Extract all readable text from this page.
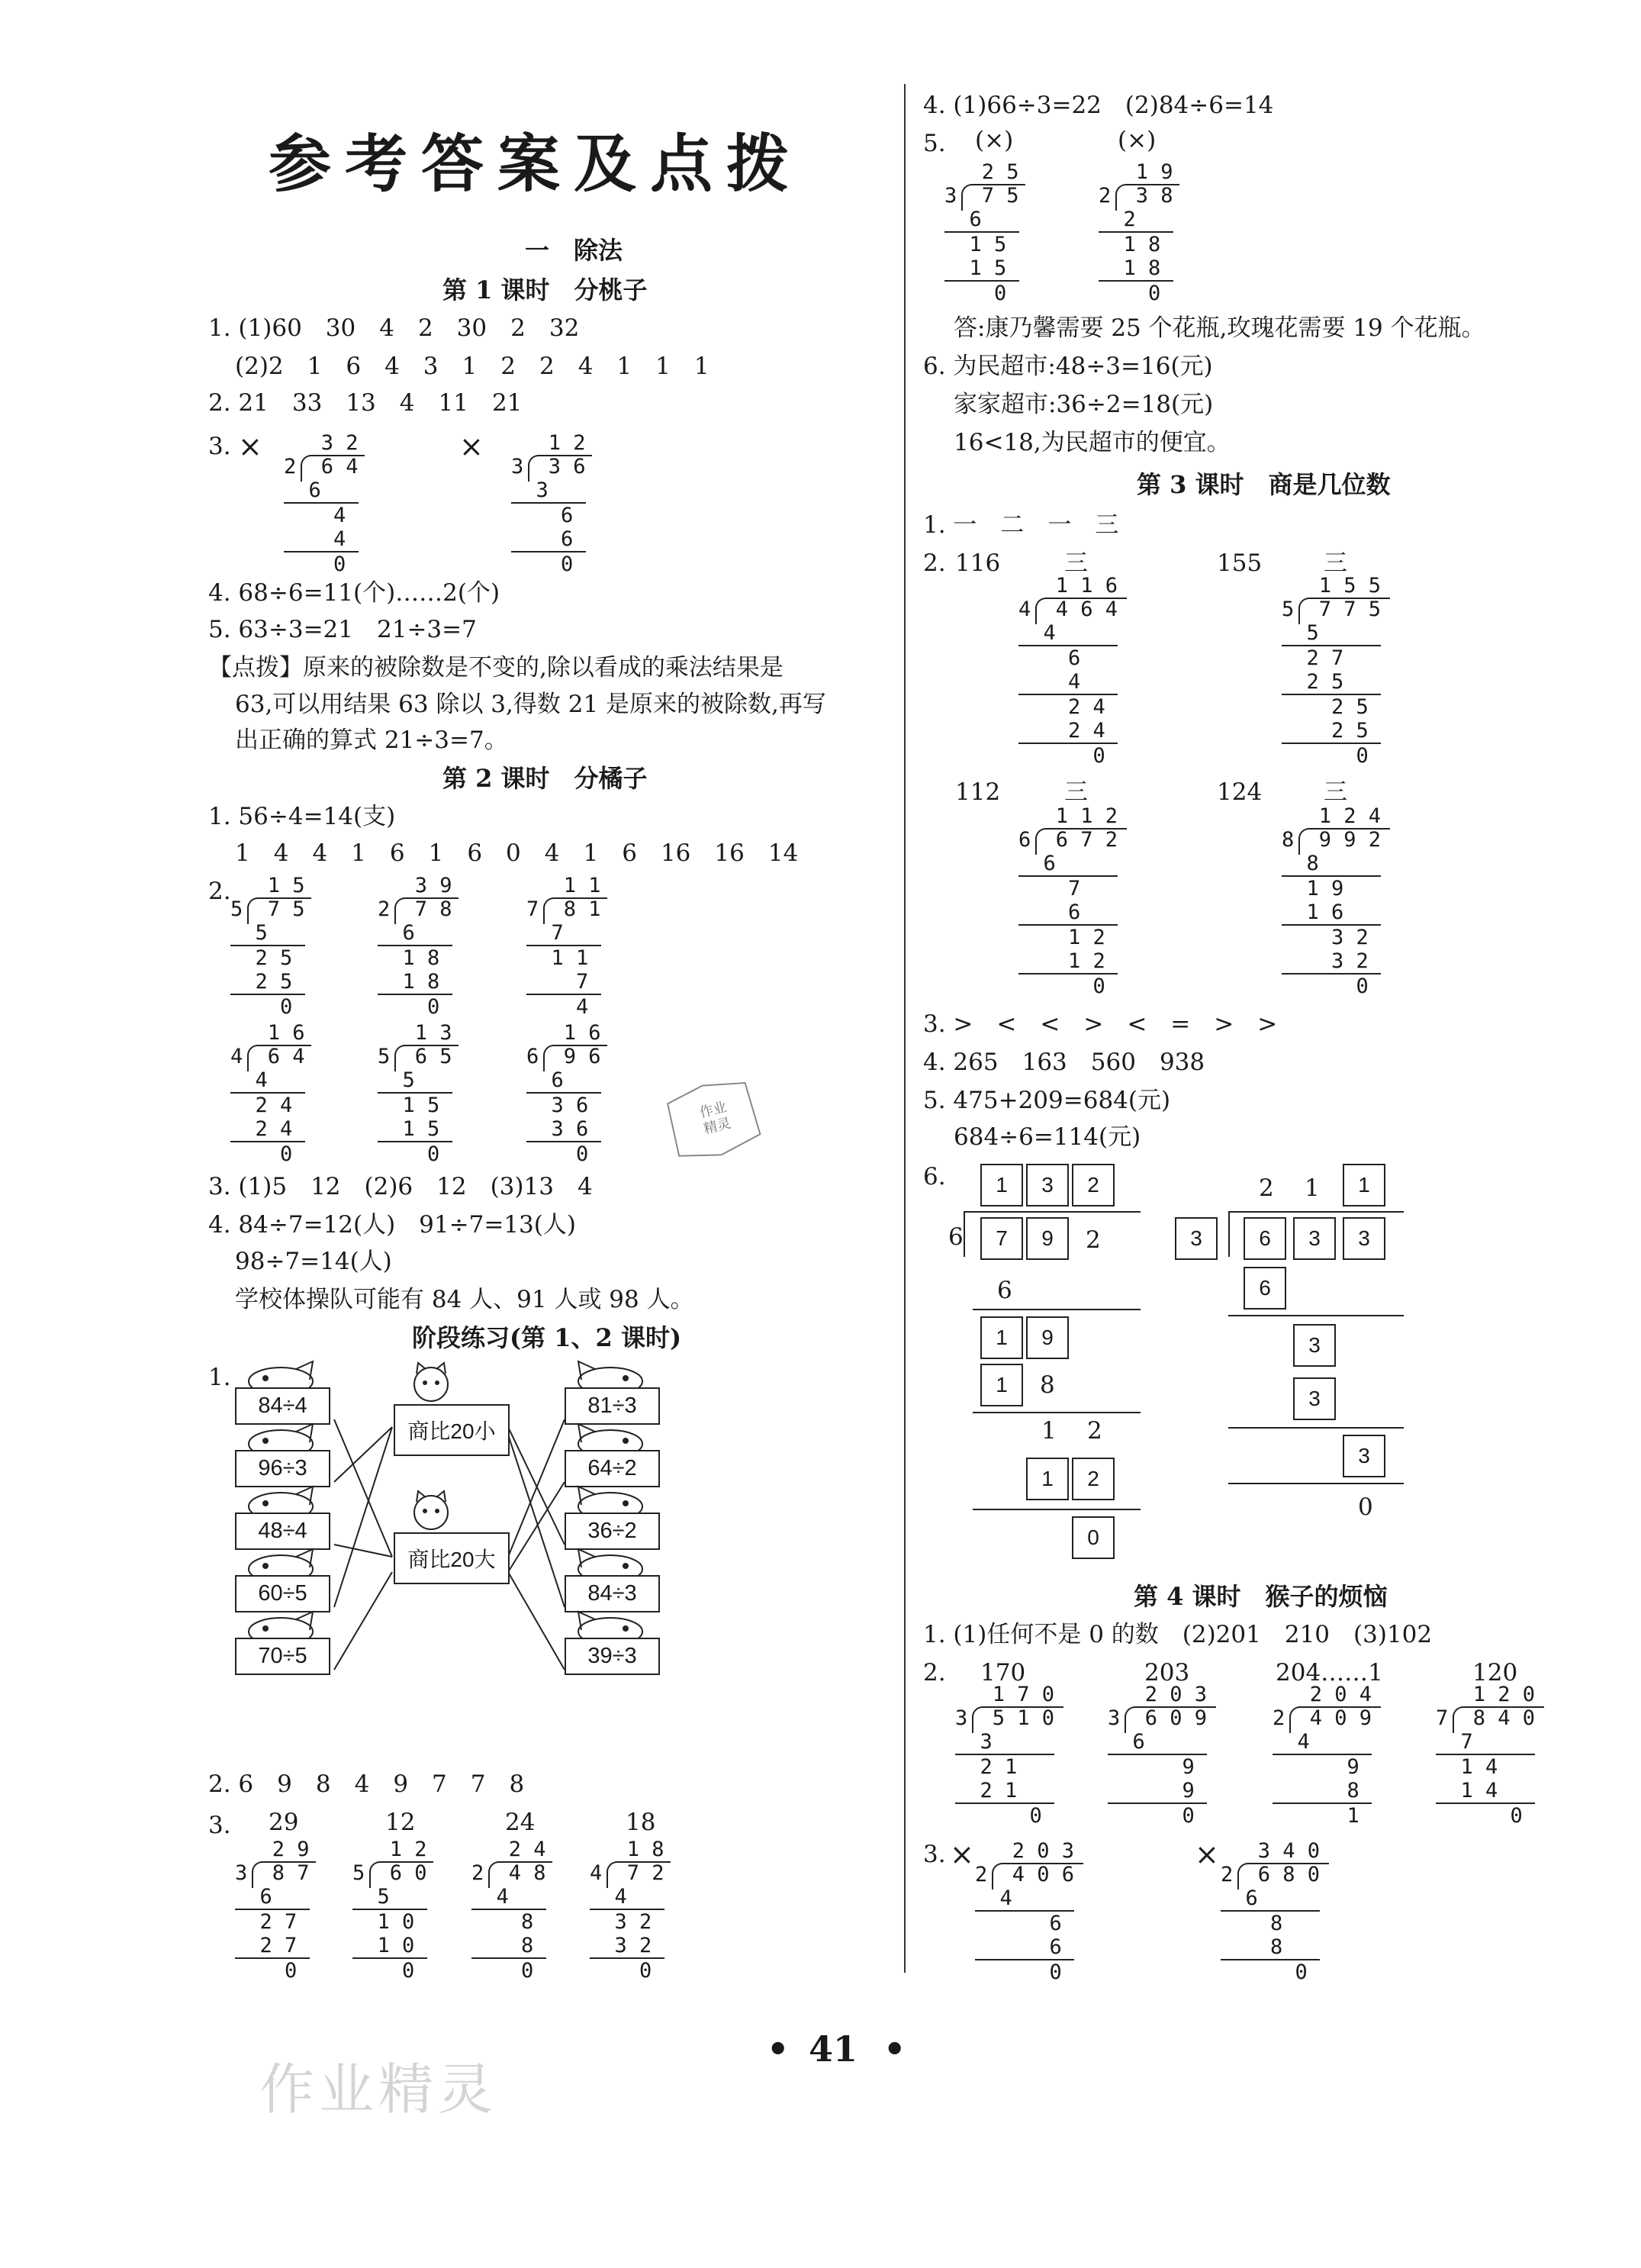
参考答案及点拨
一　除法
第 1 课时　分桃子
1. (1)60　30　4　2　30　2　32
(2)2　1　6　4　3　1　2　2　4　1　1　1
2. 21　33　13　4　11　21
3. ×	×
3 2
2  6 4
6
4
4
0
1 2
3  3 6
3
6
6
0
4. 68÷6=11(个)……2(个)
5. 63÷3=21　21÷3=7
【点拨】原来的被除数是不变的,除以看成的乘法结果是
63,可以用结果 63 除以 3,得数 21 是原来的被除数,再写
出正确的算式 21÷3=7。
第 2 课时　分橘子
1. 56÷4=14(支)
1　4　4　1　6　1　6　0　4　1　6　16　16　14
2. 1 5
5  7 5
5
2 5
2 5
0
3 9
2  7 8
6
1 8
1 8
0
1 1
7  8 1
7
1 1
7
4
1 6
4  6 4
4
2 4
2 4
0
1 3
5  6 5
5
1 5
1 5
0
1 6
6  9 6
6
3 6
3 6
0
作业
精灵
3. (1)5　12　(2)6　12　(3)13　4
4. 84÷7=12(人)　91÷7=13(人)
98÷7=14(人)
学校体操队可能有 84 人、91 人或 98 人。
阶段练习(第 1、2 课时)
1.
84÷4
96÷3
48÷4
60÷5
70÷5
81÷3
64÷2
36÷2
84÷3
39÷3
商比20小
商比20大
2. 6　9　8　4　9　7　7　8
3. 29	12	24	18
2 9
3  8 7
6
2 7
2 7
0
1 2
5  6 0
5
1 0
1 0
0
2 4
2  4 8
4
8
8
0
1 8
4  7 2
4
3 2
3 2
0
4. (1)66÷3=22　(2)84÷6=14
5. (×)	(×)
2 5
3  7 5
6
1 5
1 5
0
1 9
2  3 8
2
1 8
1 8
0
答:康乃馨需要 25 个花瓶,玫瑰花需要 19 个花瓶。
6. 为民超市:48÷3=16(元)
家家超市:36÷2=18(元)
16<18,为民超市的便宜。
第 3 课时　商是几位数
1. 一　二　一　三
2. 116	三	155	三
1 1 6
4  4 6 4
4
6
4
2 4
2 4
0
1 5 5
5  7 7 5
5
2 7
2 5
2 5
2 5
0
112	三	124	三
1 1 2
6  6 7 2
6
7
6
1 2
1 2
0
1 2 4
8  9 9 2
8
1 9
1 6
3 2
3 2
0
3. >　<　<　>　<　=　>　>
4. 265　163　560　938
5. 475+209=684(元)
684÷6=114(元)
6.	1	3	2
6	7	9	2
6
1	9
1	8
1 2
1	2
0
2 1	1
3	6	3	3
6
3
3
3
0
第 4 课时　猴子的烦恼
1. (1)任何不是 0 的数　(2)201　210　(3)102
2. 170	203	204……1	120
1 7 0
3  5 1 0
3
2 1
2 1
0
2 0 3
3  6 0 9
6
9
9
0
2 0 4
2  4 0 9
4
9
8
1
1 2 0
7  8 4 0
7
1 4
1 4
0
3. ×	×
2 0 3
2  4 0 6
4
6
6
0
3 4 0
2  6 8 0
6
8
8
0
• 41 •
作业精灵
